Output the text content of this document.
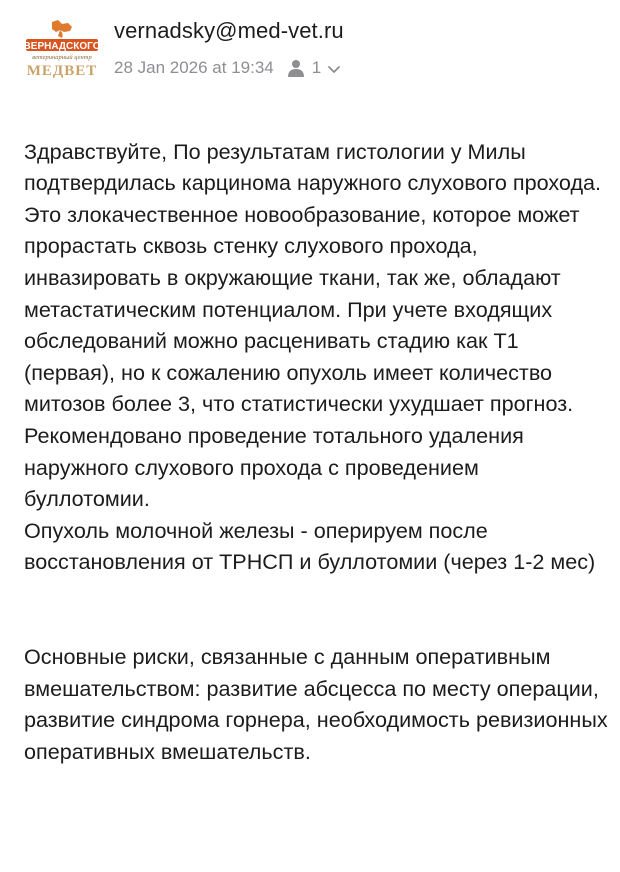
ВЕРНАДСКОГО
ветеринарный центр
МЕДВЕТ
vernadsky@med-vet.ru
28 Jan 2026 at 19:34 1

Здравствуйте, По результатам гистологии у Милы подтвердилась карцинома наружного слухового прохода. Это злокачественное новообразование, которое может прорастать сквозь стенку слухового прохода, инвазировать в окружающие ткани, так же, обладают метастатическим потенциалом. При учете входящих обследований можно расценивать стадию как Т1 (первая), но к сожалению опухоль имеет количество митозов более 3, что статистически ухудшает прогноз. Рекомендовано проведение тотального удаления наружного слухового прохода с проведением буллотомии.
Опухоль молочной железы - оперируем после восстановления от ТРНСП и буллотомии (через 1-2 мес)

Основные риски, связанные с данным оперативным вмешательством: развитие абсцесса по месту операции, развитие синдрома горнера, необходимость ревизионных оперативных вмешательств.
